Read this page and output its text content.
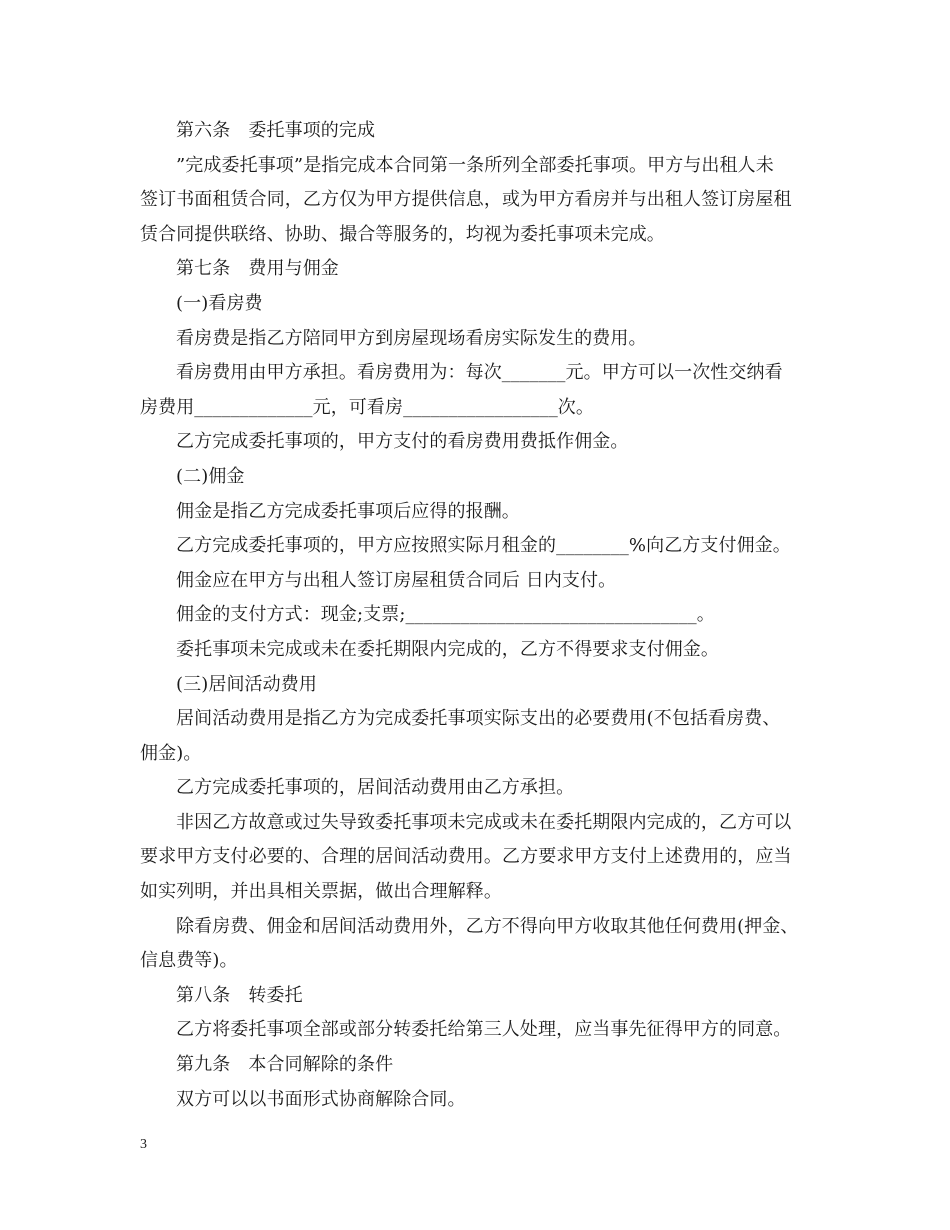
第六条　委托事项的完成
”完成委托事项”是指完成本合同第一条所列全部委托事项。甲方与出租人未
签订书面租赁合同，乙方仅为甲方提供信息，或为甲方看房并与出租人签订房屋租
赁合同提供联络、协助、撮合等服务的，均视为委托事项未完成。
第七条　费用与佣金
(一)看房费
看房费是指乙方陪同甲方到房屋现场看房实际发生的费用。
看房费用由甲方承担。看房费用为：每次_______元。甲方可以一次性交纳看
房费用_____________元，可看房_________________次。
乙方完成委托事项的，甲方支付的看房费用费抵作佣金。
(二)佣金
佣金是指乙方完成委托事项后应得的报酬。
乙方完成委托事项的，甲方应按照实际月租金的________%向乙方支付佣金。
佣金应在甲方与出租人签订房屋租赁合同后 日内支付。
佣金的支付方式：现金;支票;________________________________。
委托事项未完成或未在委托期限内完成的，乙方不得要求支付佣金。
(三)居间活动费用
居间活动费用是指乙方为完成委托事项实际支出的必要费用(不包括看房费、
佣金)。
乙方完成委托事项的，居间活动费用由乙方承担。
非因乙方故意或过失导致委托事项未完成或未在委托期限内完成的，乙方可以
要求甲方支付必要的、合理的居间活动费用。乙方要求甲方支付上述费用的，应当
如实列明，并出具相关票据，做出合理解释。
除看房费、佣金和居间活动费用外，乙方不得向甲方收取其他任何费用(押金、
信息费等)。
第八条　转委托
乙方将委托事项全部或部分转委托给第三人处理，应当事先征得甲方的同意。
第九条　本合同解除的条件
双方可以以书面形式协商解除合同。
3
